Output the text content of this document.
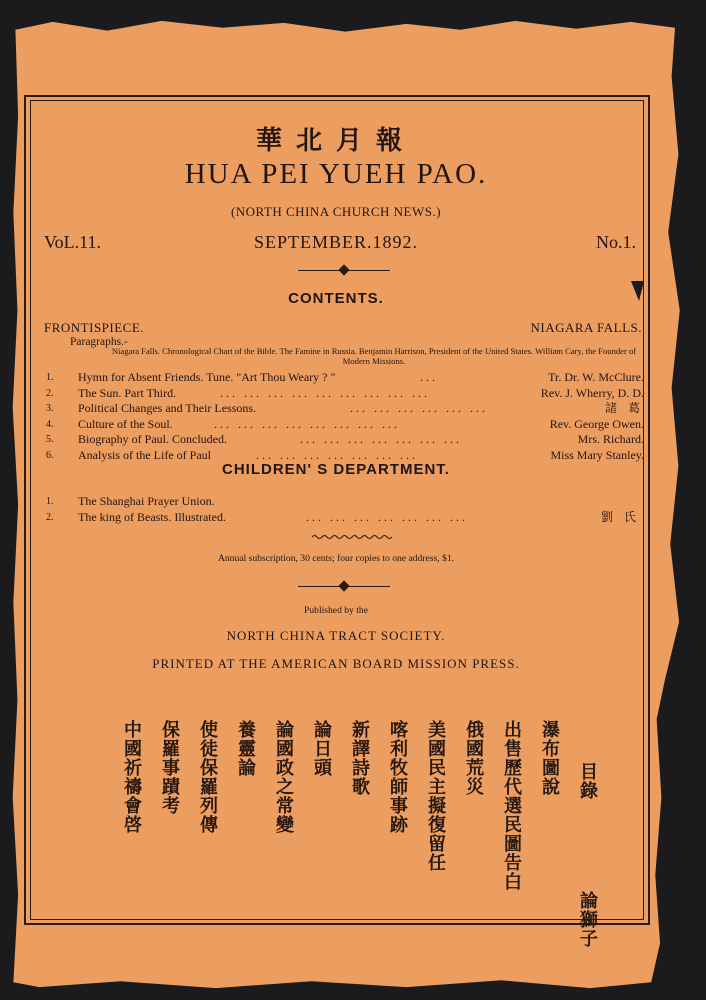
華北月報
HUA PEI YUEH PAO.
(NORTH CHINA CHURCH NEWS.)
VoL.11.	SEPTEMBER.1892.	No.1.
CONTENTS.
FRONTISPIECE.	NIAGARA FALLS.
Paragraphs.-
Niagara Falls. Chronological Chart of the Bible. The Famine in Russia. Benjamin Harrison, President of the United States. William Cary, the Founder of Modern Missions.
1.	Hymn for Absent Friends. Tune. "Art Thou Weary ? "	...	Tr. Dr. W. McClure.
2.	The Sun. Part Third.	... ... ... ... ... ... ... ... ...	Rev. J. Wherry, D. D.
3.	Political Changes and Their Lessons.	... ... ... ... ... ...	諸 葛
4.	Culture of the Soul.	... ... ... ... ... ... ... ...	Rev. George Owen.
5.	Biography of Paul. Concluded.	... ... ... ... ... ... ...	Mrs. Richard.
6.	Analysis of the Life of Paul	... ... ... ... ... ... ...	Miss Mary Stanley.
CHILDREN' S DEPARTMENT.
1.	The Shanghai Prayer Union.
2.	The king of Beasts. Illustrated.	... ... ... ... ... ... ...	劉 氏
Annual subscription, 30 cents; four copies to one address, $1.
Published by the
NORTH CHINA TRACT SOCIETY.
PRINTED AT THE AMERICAN BOARD MISSION PRESS.
目錄 瀑布圖說 出售歷代選民圖告白 俄國荒災 美國民主擬復留任 喀利牧師事跡 新譯詩歌 論日頭 論國政之常變 養靈論 使徒保羅列傳 保羅事蹟考 中國祈禱會啓 論獅子
